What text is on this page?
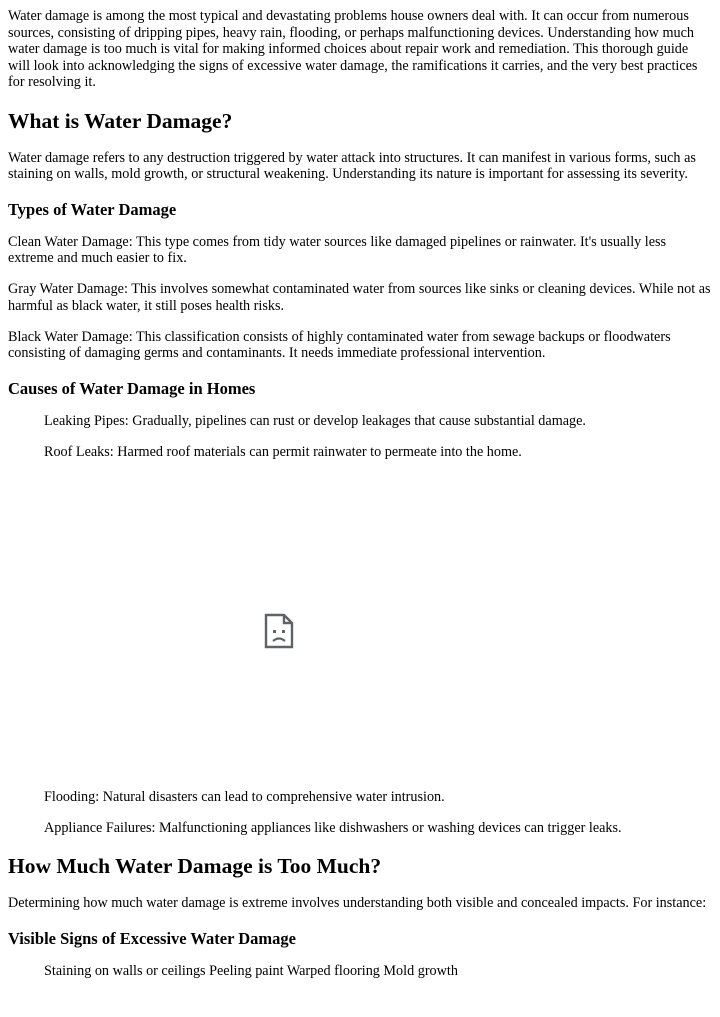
Water damage is among the most typical and devastating problems house owners deal with. It can occur from numerous sources, consisting of dripping pipes, heavy rain, flooding, or perhaps malfunctioning devices. Understanding how much water damage is too much is vital for making informed choices about repair work and remediation. This thorough guide will look into acknowledging the signs of excessive water damage, the ramifications it carries, and the very best practices for resolving it.

What is Water Damage?

Water damage refers to any destruction triggered by water attack into structures. It can manifest in various forms, such as staining on walls, mold growth, or structural weakening. Understanding its nature is important for assessing its severity.

Types of Water Damage

Clean Water Damage: This type comes from tidy water sources like damaged pipelines or rainwater. It's usually less extreme and much easier to fix.

Gray Water Damage: This involves somewhat contaminated water from sources like sinks or cleaning devices. While not as harmful as black water, it still poses health risks.

Black Water Damage: This classification consists of highly contaminated water from sewage backups or floodwaters consisting of damaging germs and contaminants. It needs immediate professional intervention.

Causes of Water Damage in Homes

Leaking Pipes: Gradually, pipelines can rust or develop leakages that cause substantial damage.

Roof Leaks: Harmed roof materials can permit rainwater to permeate into the home.

Flooding: Natural disasters can lead to comprehensive water intrusion.

Appliance Failures: Malfunctioning appliances like dishwashers or washing devices can trigger leaks.

How Much Water Damage is Too Much?

Determining how much water damage is extreme involves understanding both visible and concealed impacts. For instance:

Visible Signs of Excessive Water Damage

Staining on walls or ceilings Peeling paint Warped flooring Mold growth
